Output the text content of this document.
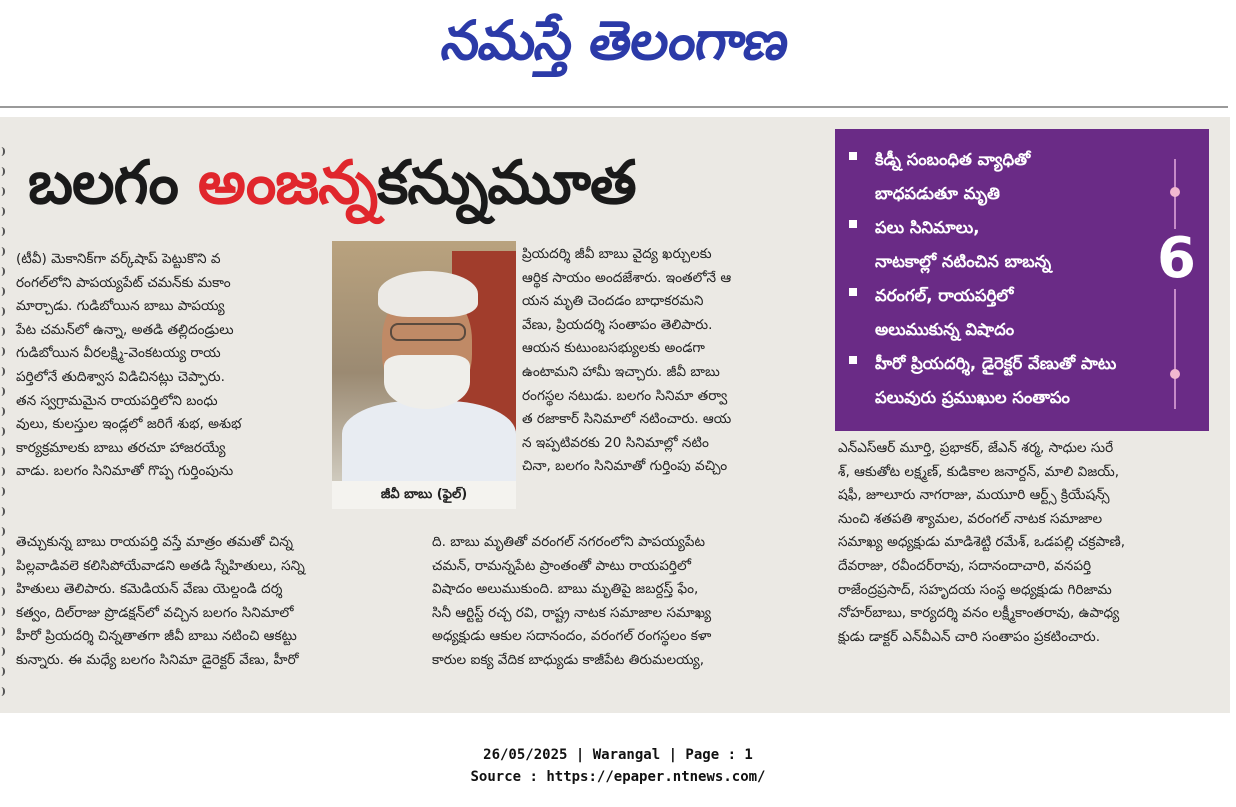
నమస్తే తెలంగాణ
బలగం అంజన్నకన్నుమూత

(టీవీ) మెకానిక్‌గా వర్క్‌షాప్ పెట్టుకొని వ

రంగల్‌లోని పాపయ్యపేట్ చమన్‌కు మకాం

మార్చాడు. గుడిబోయిన బాబు పాపయ్య

పేట చమన్‌లో ఉన్నా, అతడి తల్లిదండ్రులు

గుడిబోయిన వీరలక్ష్మి-వెంకటయ్య రాయ

పర్తిలోనే తుదిశ్వాస విడిచినట్లు చెప్పారు.

తన స్వగ్రామమైన రాయపర్తిలోని బంధు

వులు, కులస్తుల ఇండ్లలో జరిగే శుభ, అశుభ

కార్యక్రమాలకు బాబు తరచూ హాజరయ్యే

వాడు. బలగం సినిమాతో గొప్ప గుర్తింపును

జీవీ బాబు (ఫైల్)

ప్రియదర్శి జీవీ బాబు వైద్య ఖర్చులకు

ఆర్థిక సాయం అందజేశారు. ఇంతలోనే ఆ

యన మృతి చెందడం బాధాకరమని

వేణు, ప్రియదర్శి సంతాపం తెలిపారు.

ఆయన కుటుంబసభ్యులకు అండగా

ఉంటామని హామీ ఇచ్చారు. జీవీ బాబు

రంగస్థల నటుడు. బలగం సినిమా తర్వా

త రజాకార్ సినిమాలో నటించారు. ఆయ

న ఇప్పటివరకు 20 సినిమాల్లో నటిం

చినా, బలగం సినిమాతో గుర్తింపు వచ్చిం

తెచ్చుకున్న బాబు రాయపర్తి వస్తే మాత్రం తమతో చిన్న

పిల్లవాడివలె కలిసిపోయేవాడని అతడి స్నేహితులు, సన్ని

హితులు తెలిపారు. కమెడియన్ వేణు యెల్దండి దర్శ

కత్వం, దిల్‌రాజు ప్రొడక్షన్‌లో వచ్చిన బలగం సినిమాలో

హీరో ప్రియదర్శి చిన్నతాతగా జీవీ బాబు నటించి ఆకట్టు

కున్నారు. ఈ మధ్యే బలగం సినిమా డైరెక్టర్ వేణు, హీరో

ది. బాబు మృతితో వరంగల్ నగరంలోని పాపయ్యపేట

చమన్, రామన్నపేట ప్రాంతంతో పాటు రాయపర్తిలో

విషాదం అలుముకుంది. బాబు మృతిపై జబర్దస్త్ ఫేం,

సినీ ఆర్టిస్ట్ రచ్చ రవి, రాష్ట్ర నాటక సమాజాల సమాఖ్య

అధ్యక్షుడు ఆకుల సదానందం, వరంగల్ రంగస్థలం కళా

కారుల ఐక్య వేదిక బాధ్యుడు కాజీపేట తిరుమలయ్య,

కిడ్నీ సంబంధిత వ్యాధితో
బాధపడుతూ మృతి
పలు సినిమాలు,
నాటకాల్లో నటించిన బాబన్న
వరంగల్, రాయపర్తిలో
అలుముకున్న విషాదం
హీరో ప్రియదర్శి, డైరెక్టర్ వేణుతో పాటు
పలువురు ప్రముఖుల సంతాపం
6

ఎన్ఎస్ఆర్ మూర్తి, ప్రభాకర్, జేఎన్ శర్మ, సాధుల సురే

శ్, ఆకుతోట లక్ష్మణ్, కుడికాల జనార్దన్, మాలి విజయ్,

షఫీ, జూలూరు నాగరాజు, మయూరి ఆర్ట్స్ క్రియేషన్స్

నుంచి శతపతి శ్యామల, వరంగల్ నాటక సమాజాల

సమాఖ్య అధ్యక్షుడు మాడిశెట్టి రమేశ్, ఒడపల్లి చక్రపాణి,

దేవరాజు, రవీందర్‌రావు, సదానందాచారి, వనపర్తి

రాజేంద్రప్రసాద్, సహృదయ సంస్థ అధ్యక్షుడు గిరిజామ

నోహర్‌బాబు, కార్యదర్శి వనం లక్ష్మీకాంతరావు, ఉపాధ్య

క్షుడు డాక్టర్ ఎన్‌వీఎన్ చారి సంతాపం ప్రకటించారు.

26/05/2025 | Warangal | Page : 1
Source : https://epaper.ntnews.com/
